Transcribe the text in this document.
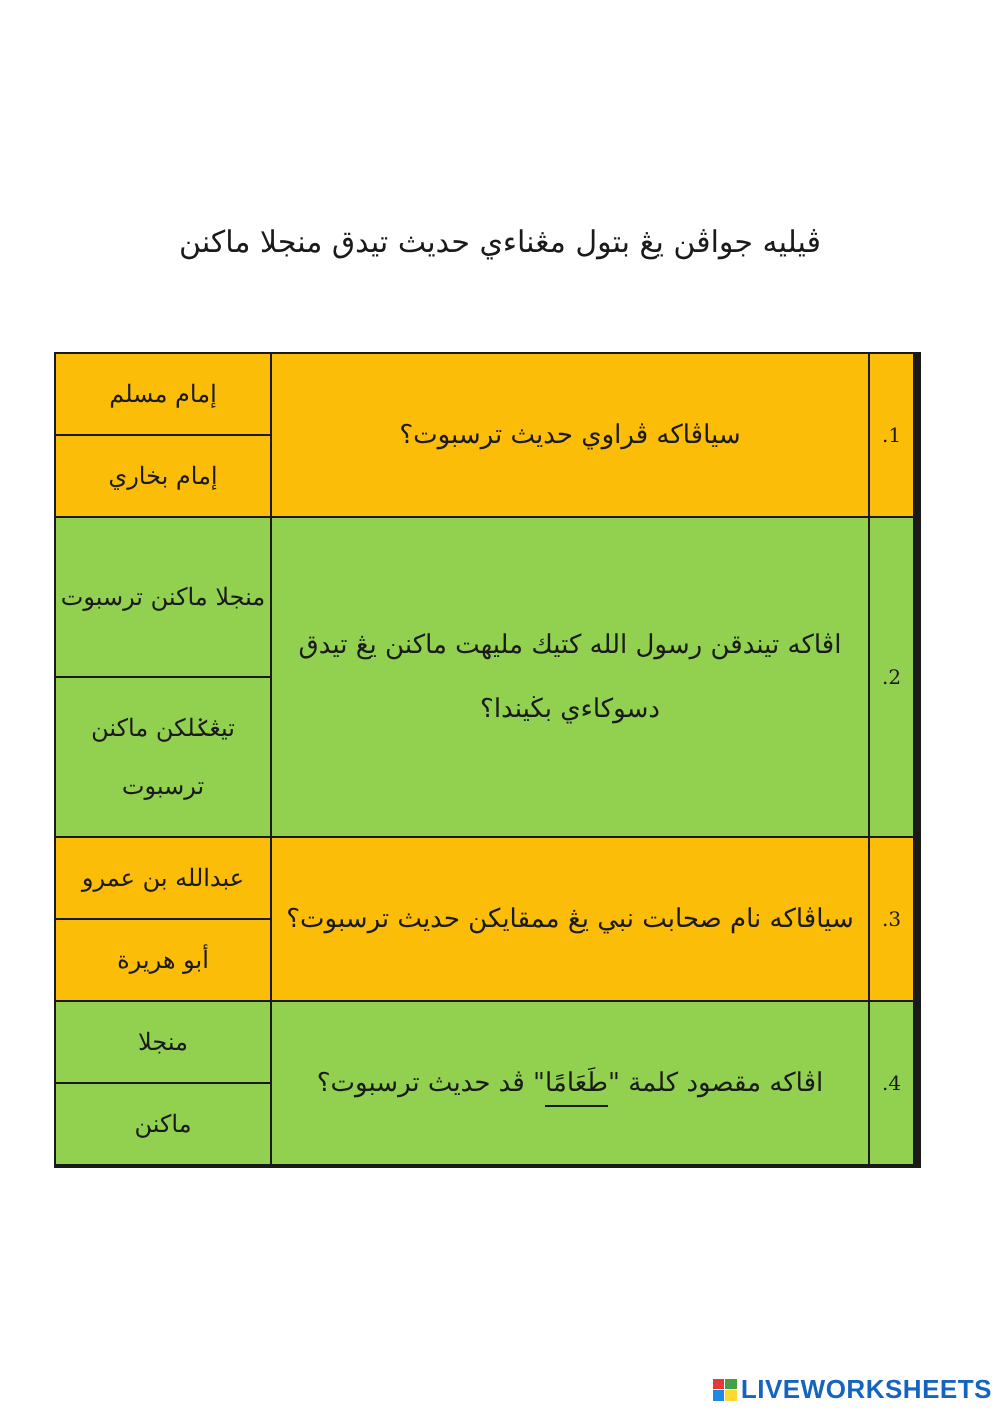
ڤيليه جواڤن يڠ بتول مڠناءي حديث تيدق منجلا ماكنن
إمام مسلم	سياڤاكه ڤراوي حديث ترسبوت؟	1.
إمام بخاري		
منجلا ماكنن ترسبوت	اڤاكه تيندقن رسول الله كتيك مليهت ماكنن يڠ تيدق دسوكاءي بڬيندا؟	2.
تيڠݢلكن ماكنن ترسبوت		
عبدالله بن عمرو	سياڤاكه نام صحابت نبي يڠ ممقايكن حديث ترسبوت؟	3.
أبو هريرة		
منجلا	اڤاكه مقصود كلمة "طَعَامًا" ڤد حديث ترسبوت؟	4.
ماكنن		
LIVEWORKSHEETS
